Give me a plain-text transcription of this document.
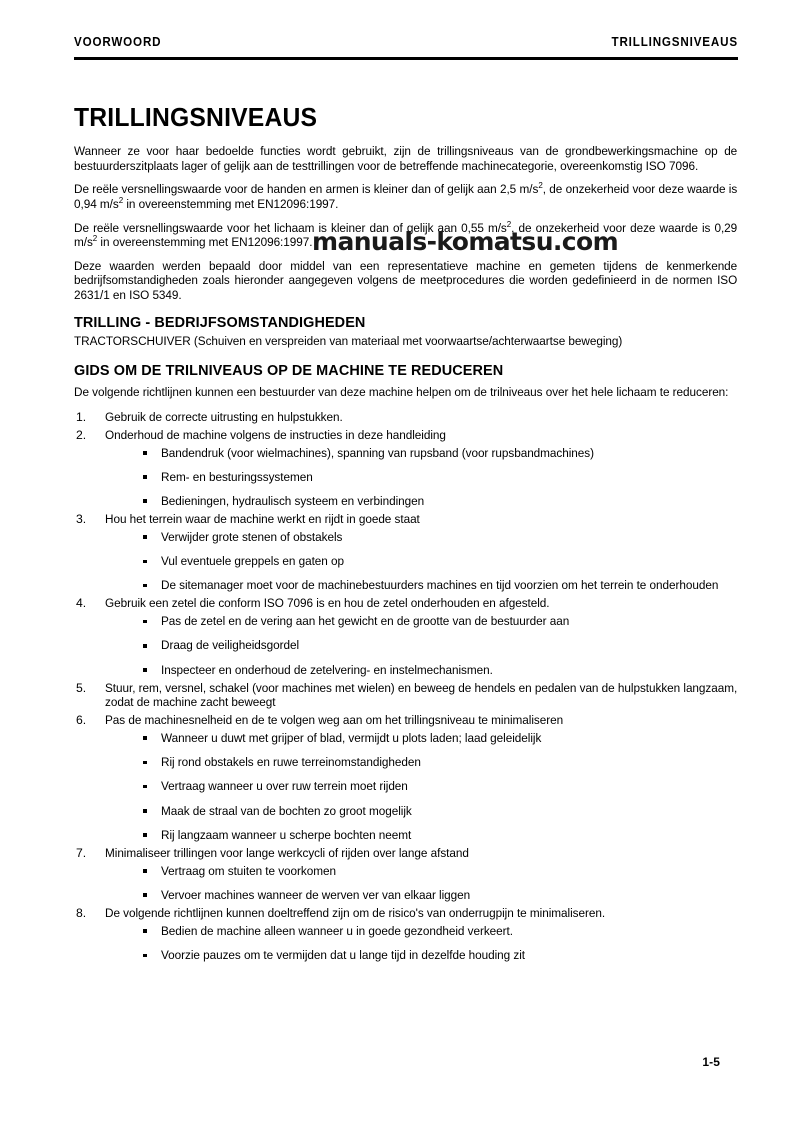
VOORWOORD	TRILLINGSNIVEAUS
TRILLINGSNIVEAUS

Wanneer ze voor haar bedoelde functies wordt gebruikt, zijn de trillingsniveaus van de grondbewerkingsmachine op de bestuurderszitplaats lager of gelijk aan de testtrillingen voor de betreffende machinecategorie, overeenkomstig ISO 7096.

De reële versnellingswaarde voor de handen en armen is kleiner dan of gelijk aan 2,5 $m/s^2$, de onzekerheid voor deze waarde is 0,94 $m/s^2$ in overeenstemming met EN12096:1997.

De reële versnellingswaarde voor het lichaam is kleiner dan of gelijk aan 0,55 $m/s^2$, de onzekerheid voor deze waarde is 0,29 $m/s^2$ in overeenstemming met EN12096:1997.

Deze waarden werden bepaald door middel van een representatieve machine en gemeten tijdens de kenmerkende bedrijfsomstandigheden zoals hieronder aangegeven volgens de meetprocedures die worden gedefinieerd in de normen ISO 2631/1 en ISO 5349.

TRILLING - BEDRIJFSOMSTANDIGHEDEN

TRACTORSCHUIVER (Schuiven en verspreiden van materiaal met voorwaartse/achterwaartse beweging)

GIDS OM DE TRILNIVEAUS OP DE MACHINE TE REDUCEREN

De volgende richtlijnen kunnen een bestuurder van deze machine helpen om de trilniveaus over het hele lichaam te reduceren:

1.	Gebruik de correcte uitrusting en hulpstukken.
2.	Onderhoud de machine volgens de instructies in deze handleiding
Bandendruk (voor wielmachines), spanning van rupsband (voor rupsbandmachines)
Rem- en besturingssystemen
Bedieningen, hydraulisch systeem en verbindingen
3.	Hou het terrein waar de machine werkt en rijdt in goede staat
Verwijder grote stenen of obstakels
Vul eventuele greppels en gaten op
De sitemanager moet voor de machinebestuurders machines en tijd voorzien om het terrein te onderhouden
4.	Gebruik een zetel die conform ISO 7096 is en hou de zetel onderhouden en afgesteld.
Pas de zetel en de vering aan het gewicht en de grootte van de bestuurder aan
Draag de veiligheidsgordel
Inspecteer en onderhoud de zetelvering- en instelmechanismen.
5.	Stuur, rem, versnel, schakel (voor machines met wielen) en beweeg de hendels en pedalen van de hulpstukken langzaam, zodat de machine zacht beweegt
6.	Pas de machinesnelheid en de te volgen weg aan om het trillingsniveau te minimaliseren
Wanneer u duwt met grijper of blad, vermijdt u plots laden; laad geleidelijk
Rij rond obstakels en ruwe terreinomstandigheden
Vertraag wanneer u over ruw terrein moet rijden
Maak de straal van de bochten zo groot mogelijk
Rij langzaam wanneer u scherpe bochten neemt
7.	Minimaliseer trillingen voor lange werkcycli of rijden over lange afstand
Vertraag om stuiten te voorkomen
Vervoer machines wanneer de werven ver van elkaar liggen
8.	De volgende richtlijnen kunnen doeltreffend zijn om de risico's van onderrugpijn te minimaliseren.
Bedien de machine alleen wanneer u in goede gezondheid verkeert.
Voorzie pauzes om te vermijden dat u lange tijd in dezelfde houding zit
manuals-komatsu.com
1-5
